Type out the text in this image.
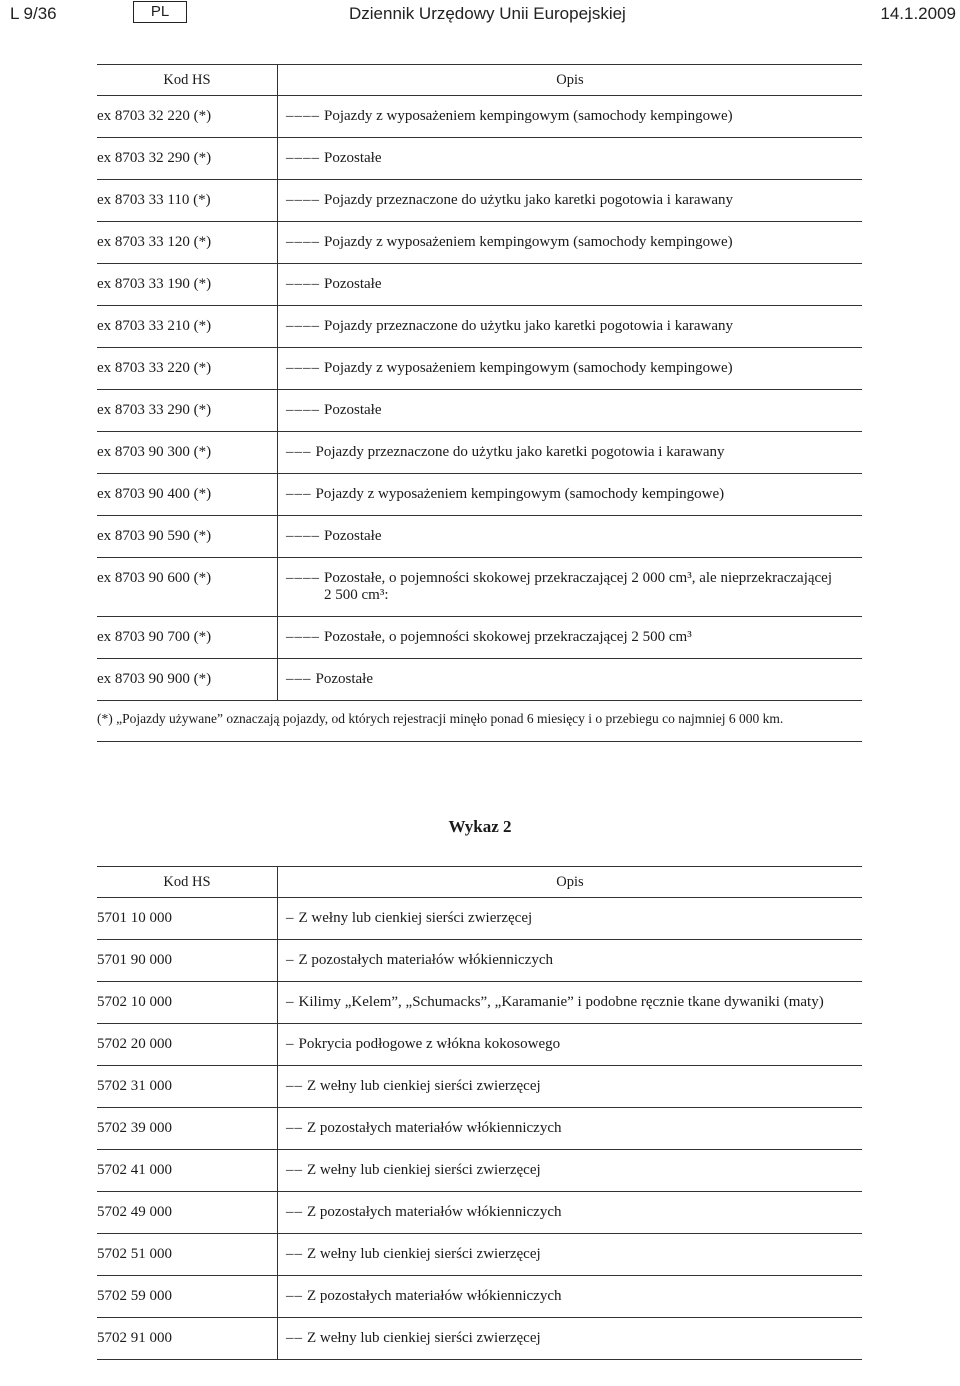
L 9/36	PL	Dziennik Urzędowy Unii Europejskiej	14.1.2009
Kod HS	Opis
ex 8703 32 220 (*)	–––– Pojazdy z wyposażeniem kempingowym (samochody kempingowe)
ex 8703 32 290 (*)	–––– Pozostałe
ex 8703 33 110 (*)	–––– Pojazdy przeznaczone do użytku jako karetki pogotowia i karawany
ex 8703 33 120 (*)	–––– Pojazdy z wyposażeniem kempingowym (samochody kempingowe)
ex 8703 33 190 (*)	–––– Pozostałe
ex 8703 33 210 (*)	–––– Pojazdy przeznaczone do użytku jako karetki pogotowia i karawany
ex 8703 33 220 (*)	–––– Pojazdy z wyposażeniem kempingowym (samochody kempingowe)
ex 8703 33 290 (*)	–––– Pozostałe
ex 8703 90 300 (*)	––– Pojazdy przeznaczone do użytku jako karetki pogotowia i karawany
ex 8703 90 400 (*)	––– Pojazdy z wyposażeniem kempingowym (samochody kempingowe)
ex 8703 90 590 (*)	–––– Pozostałe
ex 8703 90 600 (*)	–––– Pozostałe, o pojemności skokowej przekraczającej 2 000 cm³, ale nieprzekraczającej
2 500 cm³:

ex 8703 90 700 (*)	–––– Pozostałe, o pojemności skokowej przekraczającej 2 500 cm³
ex 8703 90 900 (*)	––– Pozostałe
(*) „Pojazdy używane” oznaczają pojazdy, od których rejestracji minęło ponad 6 miesięcy i o przebiegu co najmniej 6 000 km.	
Wykaz 2
Kod HS	Opis
5701 10 000	– Z wełny lub cienkiej sierści zwierzęcej
5701 90 000	– Z pozostałych materiałów włókienniczych
5702 10 000	– Kilimy „Kelem”, „Schumacks”, „Karamanie” i podobne ręcznie tkane dywaniki (maty)
5702 20 000	– Pokrycia podłogowe z włókna kokosowego
5702 31 000	–– Z wełny lub cienkiej sierści zwierzęcej
5702 39 000	–– Z pozostałych materiałów włókienniczych
5702 41 000	–– Z wełny lub cienkiej sierści zwierzęcej
5702 49 000	–– Z pozostałych materiałów włókienniczych
5702 51 000	–– Z wełny lub cienkiej sierści zwierzęcej
5702 59 000	–– Z pozostałych materiałów włókienniczych
5702 91 000	–– Z wełny lub cienkiej sierści zwierzęcej
